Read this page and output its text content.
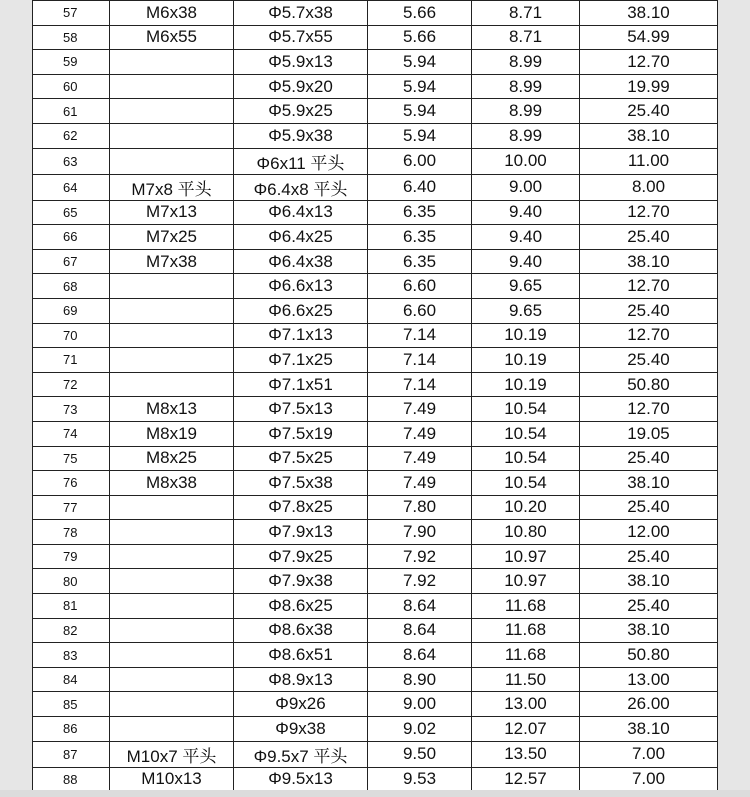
57	M6x38	Φ5.7x38	5.66	8.71	38.10
58	M6x55	Φ5.7x55	5.66	8.71	54.99
59		Φ5.9x13	5.94	8.99	12.70
60		Φ5.9x20	5.94	8.99	19.99
61		Φ5.9x25	5.94	8.99	25.40
62		Φ5.9x38	5.94	8.99	38.10
63		Φ6x11 平头	6.00	10.00	11.00
64	M7x8 平头	Φ6.4x8 平头	6.40	9.00	8.00
65	M7x13	Φ6.4x13	6.35	9.40	12.70
66	M7x25	Φ6.4x25	6.35	9.40	25.40
67	M7x38	Φ6.4x38	6.35	9.40	38.10
68		Φ6.6x13	6.60	9.65	12.70
69		Φ6.6x25	6.60	9.65	25.40
70		Φ7.1x13	7.14	10.19	12.70
71		Φ7.1x25	7.14	10.19	25.40
72		Φ7.1x51	7.14	10.19	50.80
73	M8x13	Φ7.5x13	7.49	10.54	12.70
74	M8x19	Φ7.5x19	7.49	10.54	19.05
75	M8x25	Φ7.5x25	7.49	10.54	25.40
76	M8x38	Φ7.5x38	7.49	10.54	38.10
77		Φ7.8x25	7.80	10.20	25.40
78		Φ7.9x13	7.90	10.80	12.00
79		Φ7.9x25	7.92	10.97	25.40
80		Φ7.9x38	7.92	10.97	38.10
81		Φ8.6x25	8.64	11.68	25.40
82		Φ8.6x38	8.64	11.68	38.10
83		Φ8.6x51	8.64	11.68	50.80
84		Φ8.9x13	8.90	11.50	13.00
85		Φ9x26	9.00	13.00	26.00
86		Φ9x38	9.02	12.07	38.10
87	M10x7 平头	Φ9.5x7 平头	9.50	13.50	7.00
88	M10x13	Φ9.5x13	9.53	12.57	7.00
